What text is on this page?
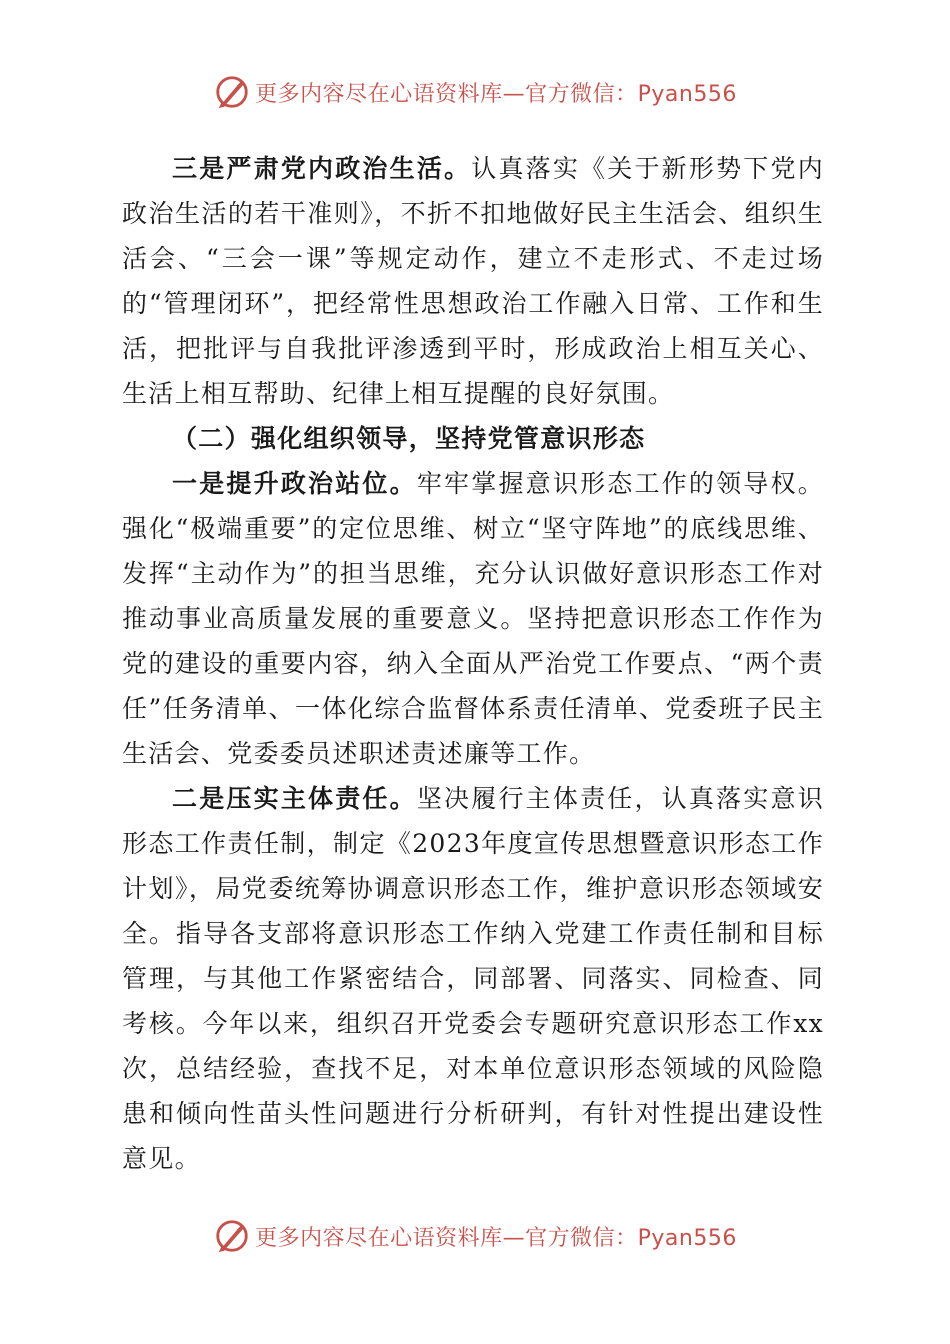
更多内容尽在心语资料库—官方微信：Pyan556

三是严肃党内政治生活。认真落实《关于新形势下党内政治生活的若干准则》，不折不扣地做好民主生活会、组织生活会、“三会一课”等规定动作，建立不走形式、不走过场的“管理闭环”，把经常性思想政治工作融入日常、工作和生活，把批评与自我批评渗透到平时，形成政治上相互关心、生活上相互帮助、纪律上相互提醒的良好氛围。

（二）强化组织领导，坚持党管意识形态

一是提升政治站位。牢牢掌握意识形态工作的领导权。强化“极端重要”的定位思维、树立“坚守阵地”的底线思维、发挥“主动作为”的担当思维，充分认识做好意识形态工作对推动事业高质量发展的重要意义。坚持把意识形态工作作为党的建设的重要内容，纳入全面从严治党工作要点、“两个责任”任务清单、一体化综合监督体系责任清单、党委班子民主生活会、党委委员述职述责述廉等工作。

二是压实主体责任。坚决履行主体责任，认真落实意识形态工作责任制，制定《2023年度宣传思想暨意识形态工作计划》，局党委统筹协调意识形态工作，维护意识形态领域安全。指导各支部将意识形态工作纳入党建工作责任制和目标管理，与其他工作紧密结合，同部署、同落实、同检查、同考核。今年以来，组织召开党委会专题研究意识形态工作xx次，总结经验，查找不足，对本单位意识形态领域的风险隐患和倾向性苗头性问题进行分析研判，有针对性提出建设性意见。

更多内容尽在心语资料库—官方微信：Pyan556
